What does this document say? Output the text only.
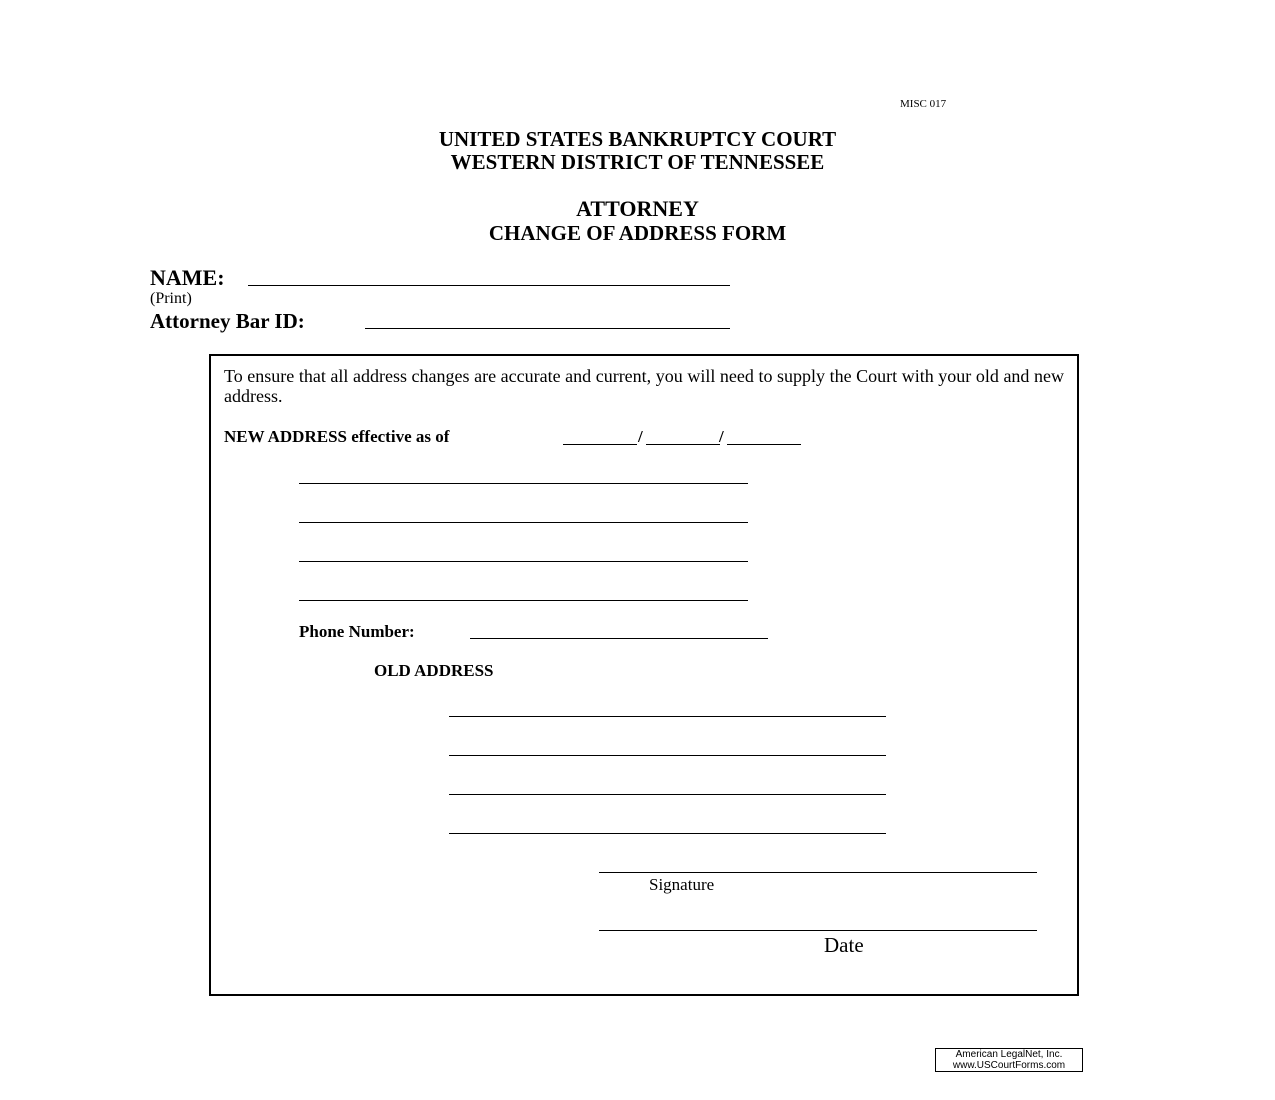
MISC 017
UNITED STATES BANKRUPTCY COURT
WESTERN DISTRICT OF TENNESSEE
ATTORNEY
CHANGE OF ADDRESS FORM
NAME:
(Print)
Attorney Bar ID:
To ensure that all address changes are accurate and current, you will need to supply the Court with your old and new address.
NEW ADDRESS effective as of	/	/
Phone Number:
OLD ADDRESS
Signature
Date
American LegalNet, Inc.
www.USCourtForms.com
